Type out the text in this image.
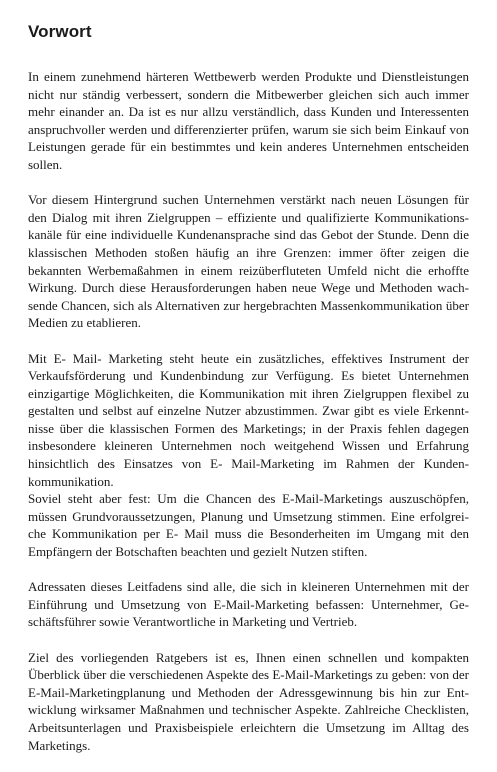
Vorwort

In einem zunehmend härteren Wettbewerb werden Produkte und Dienstleistungen
nicht nur ständig verbessert, sondern die Mitbewerber gleichen sich auch immer
mehr einander an. Da ist es nur allzu verständlich, dass Kunden und Interessenten
anspruchvoller werden und differenzierter prüfen, warum sie sich beim Einkauf von
Leistungen gerade für ein bestimmtes und kein anderes Unternehmen entscheiden
sollen.

Vor diesem Hintergrund suchen Unternehmen verstärkt nach neuen Lösungen für
den Dialog mit ihren Zielgruppen – effiziente und qualifizierte Kommunikations-
kanäle für eine individuelle Kundenansprache sind das Gebot der Stunde. Denn die
klassischen Methoden stoßen häufig an ihre Grenzen: immer öfter zeigen die
bekannten Werbemaßahmen in einem reizüberfluteten Umfeld nicht die erhoffte
Wirkung. Durch diese Herausforderungen haben neue Wege und Methoden wach-
sende Chancen, sich als Alternativen zur hergebrachten Massenkommunikation über
Medien zu etablieren.

Mit E- Mail- Marketing steht heute ein zusätzliches, effektives Instrument der
Verkaufsförderung und Kundenbindung zur Verfügung. Es bietet Unternehmen
einzigartige Möglichkeiten, die Kommunikation mit ihren Zielgruppen flexibel zu
gestalten und selbst auf einzelne Nutzer abzustimmen. Zwar gibt es viele Erkennt-
nisse über die klassischen Formen des Marketings; in der Praxis fehlen dagegen
insbesondere kleineren Unternehmen noch weitgehend Wissen und Erfahrung
hinsichtlich des Einsatzes von E- Mail-Marketing im Rahmen der Kunden-
kommunikation.

Soviel steht aber fest: Um die Chancen des E-Mail-Marketings auszuschöpfen,
müssen Grundvoraussetzungen, Planung und Umsetzung stimmen. Eine erfolgrei-
che Kommunikation per E- Mail muss die Besonderheiten im Umgang mit den
Empfängern der Botschaften beachten und gezielt Nutzen stiften.

Adressaten dieses Leitfadens sind alle, die sich in kleineren Unternehmen mit der
Einführung und Umsetzung von E-Mail-Marketing befassen: Unternehmer, Ge-
schäftsführer sowie Verantwortliche in Marketing und Vertrieb.

Ziel des vorliegenden Ratgebers ist es, Ihnen einen schnellen und kompakten
Überblick über die verschiedenen Aspekte des E-Mail-Marketings zu geben: von der
E-Mail-Marketingplanung und Methoden der Adressgewinnung bis hin zur Ent-
wicklung wirksamer Maßnahmen und technischer Aspekte. Zahlreiche Checklisten,
Arbeitsunterlagen und Praxisbeispiele erleichtern die Umsetzung im Alltag des
Marketings.
